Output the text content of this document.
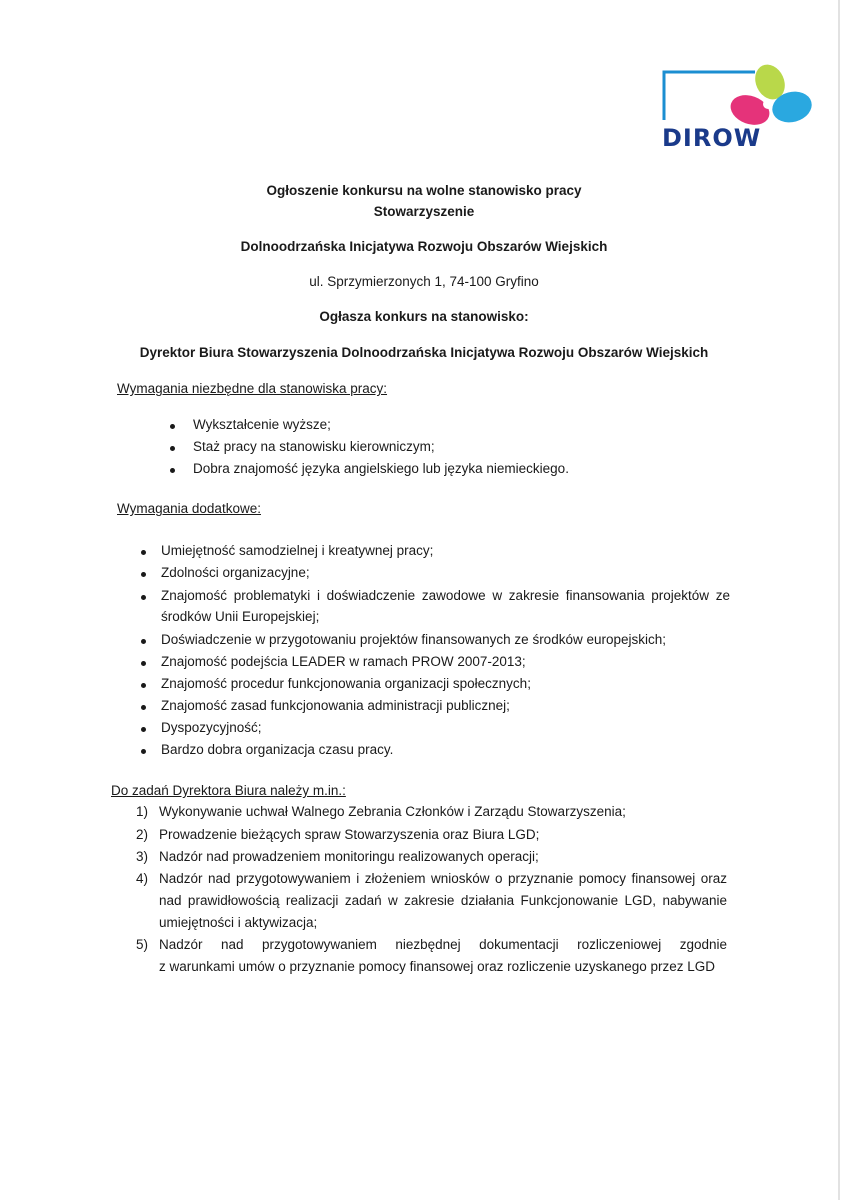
DIROW
Ogłoszenie konkursu na wolne stanowisko pracy
Stowarzyszenie
Dolnoodrzańska Inicjatywa Rozwoju Obszarów Wiejskich
ul. Sprzymierzonych 1, 74-100 Gryfino
Ogłasza konkurs na stanowisko:
Dyrektor Biura Stowarzyszenia Dolnoodrzańska Inicjatywa Rozwoju Obszarów Wiejskich
Wymagania niezbędne dla stanowiska pracy:
Wykształcenie wyższe;
Staż pracy na stanowisku kierowniczym;
Dobra znajomość języka angielskiego lub języka niemieckiego.
Wymagania dodatkowe:
Umiejętność samodzielnej i kreatywnej pracy;
Zdolności organizacyjne;
Znajomość problematyki i doświadczenie zawodowe w zakresie finansowania projektów ze
środków Unii Europejskiej;
Doświadczenie w przygotowaniu projektów finansowanych ze środków europejskich;
Znajomość podejścia LEADER w ramach PROW 2007-2013;
Znajomość procedur funkcjonowania organizacji społecznych;
Znajomość zasad funkcjonowania administracji publicznej;
Dyspozycyjność;
Bardzo dobra organizacja czasu pracy.
Do zadań Dyrektora Biura należy m.in.:
1) Wykonywanie uchwał Walnego Zebrania Członków i Zarządu Stowarzyszenia;
2) Prowadzenie bieżących spraw Stowarzyszenia oraz Biura LGD;
3) Nadzór nad prowadzeniem monitoringu realizowanych operacji;
4) Nadzór nad przygotowywaniem i złożeniem wniosków o przyznanie pomocy finansowej oraz
nad prawidłowością realizacji zadań w zakresie działania Funkcjonowanie LGD, nabywanie
umiejętności i aktywizacja;
5) Nadzór nad przygotowywaniem niezbędnej dokumentacji rozliczeniowej zgodnie
z warunkami umów o przyznanie pomocy finansowej oraz rozliczenie uzyskanego przez LGD
